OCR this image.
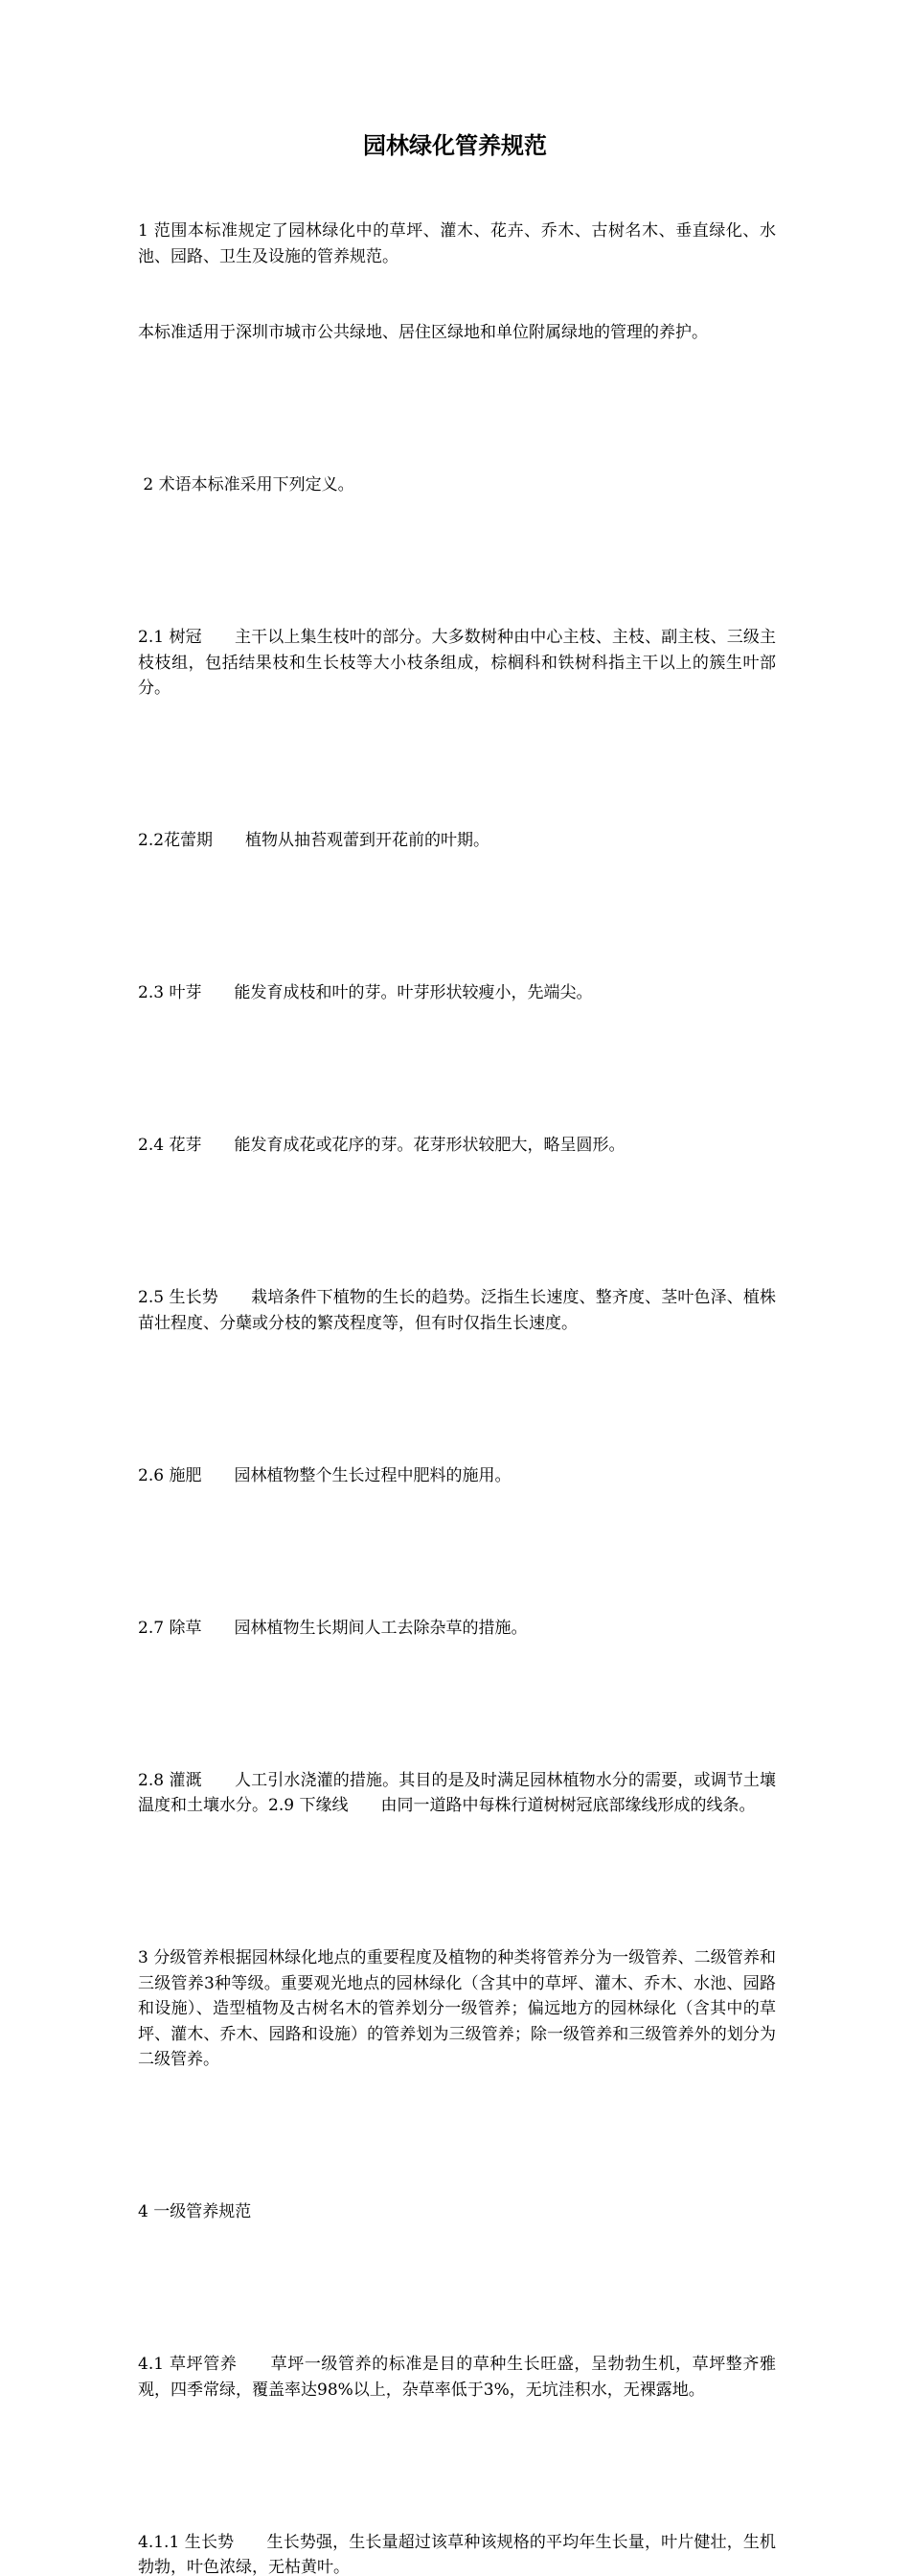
园林绿化管养规范

1 范围本标准规定了园林绿化中的草坪、灌木、花卉、乔木、古树名木、垂直绿化、水池、园路、卫生及设施的管养规范。

本标准适用于深圳市城市公共绿地、居住区绿地和单位附属绿地的管理的养护。

2 术语本标准采用下列定义。

2.1 树冠　　主干以上集生枝叶的部分。大多数树种由中心主枝、主枝、副主枝、三级主枝枝组，包括结果枝和生长枝等大小枝条组成，棕榈科和铁树科指主干以上的簇生叶部分。

2.2花蕾期　　植物从抽苔观蕾到开花前的叶期。

2.3 叶芽　　能发育成枝和叶的芽。叶芽形状较瘦小，先端尖。

2.4 花芽　　能发育成花或花序的芽。花芽形状较肥大，略呈圆形。

2.5 生长势　　栽培条件下植物的生长的趋势。泛指生长速度、整齐度、茎叶色泽、植株苗壮程度、分蘖或分枝的繁茂程度等，但有时仅指生长速度。

2.6 施肥　　园林植物整个生长过程中肥料的施用。

2.7 除草　　园林植物生长期间人工去除杂草的措施。

2.8 灌溉　　人工引水浇灌的措施。其目的是及时满足园林植物水分的需要，或调节土壤温度和土壤水分。2.9 下缘线　　由同一道路中每株行道树树冠底部缘线形成的线条。

3 分级管养根据园林绿化地点的重要程度及植物的种类将管养分为一级管养、二级管养和三级管养3种等级。重要观光地点的园林绿化（含其中的草坪、灌木、乔木、水池、园路和设施）、造型植物及古树名木的管养划分一级管养；偏远地方的园林绿化（含其中的草坪、灌木、乔木、园路和设施）的管养划为三级管养；除一级管养和三级管养外的划分为二级管养。

4 一级管养规范

4.1 草坪管养　　草坪一级管养的标准是目的草种生长旺盛，呈勃勃生机，草坪整齐雅观，四季常绿，覆盖率达98%以上，杂草率低于3%，无坑洼积水，无裸露地。

4.1.1 生长势　　生长势强，生长量超过该草种该规格的平均年生长量，叶片健壮，生机勃勃，叶色浓绿，无枯黄叶。
